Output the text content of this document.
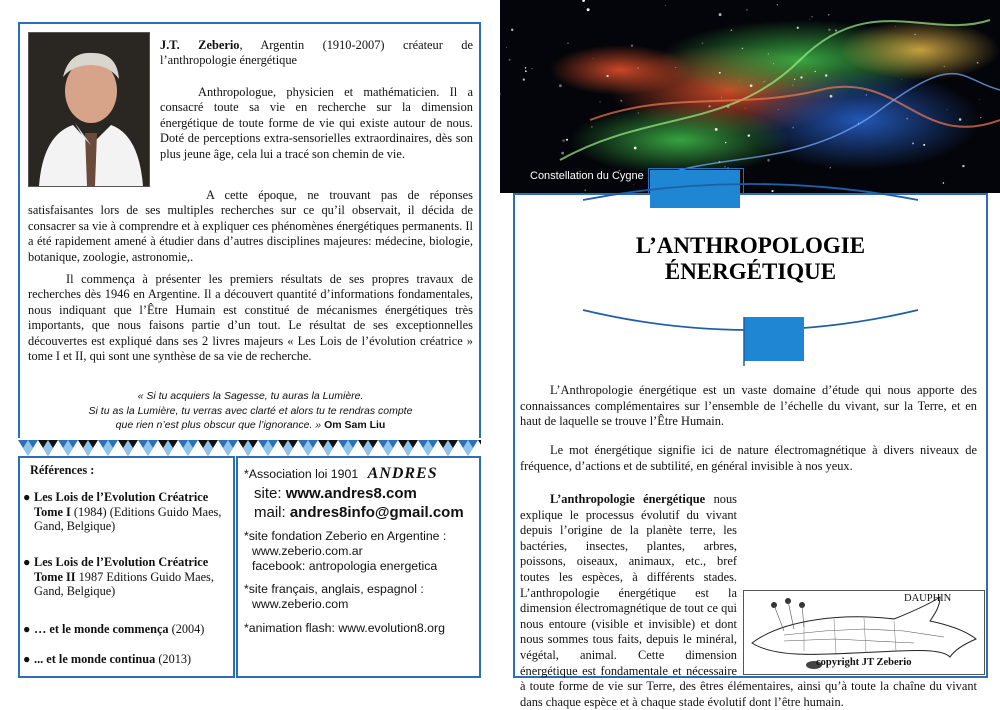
J.T. Zeberio, Argentin (1910-2007) créateur de l’anthropologie énergétique

Anthropologue, physicien et mathématicien. Il a consacré toute sa vie en recherche sur la dimension énergétique de toute forme de vie qui existe autour de nous. Doté de perceptions extra-sensorielles extraordinaires, dès son plus jeune âge, cela lui a tracé son chemin de vie.
A cette époque, ne trouvant pas de réponses satisfaisantes lors de ses multiples recherches sur ce qu’il observait, il décida de consacrer sa vie à comprendre et à expliquer ces phénomènes énergétiques permanents. Il a été rapidement amené à étudier dans d’autres disciplines majeures: médecine, biologie, botanique, zoologie, astronomie,.
Il commença à présenter les premiers résultats de ses propres travaux de recherches dès 1946 en Argentine. Il a découvert quantité d’informations fondamentales, nous indiquant que l’Être Humain est constitué de mécanismes énergétiques très importants, que nous faisons partie d’un tout. Le résultat de ses exceptionnelles découvertes est expliqué dans ses 2 livres majeurs « Les Lois de l’évolution créatrice » tome I et II, qui sont une synthèse de sa vie de recherche.
« Si tu acquiers la Sagesse, tu auras la Lumière.
Si tu as la Lumière, tu verras avec clarté et alors tu te rendras compte
que rien n’est plus obscur que l’ignorance. » Om Sam Liu
Références :
● Les Lois de l’Evolution Créatrice Tome I (1984) (Editions Guido Maes, Gand, Belgique)
● Les Lois de l’Evolution Créatrice Tome II 1987 Editions Guido Maes, Gand, Belgique)
● … et le monde commença (2004)
● ... et le monde continua (2013)
*Association loi 1901 ANDRES
site: www.andres8.com
mail: andres8info@gmail.com
*site fondation Zeberio en Argentine :
www.zeberio.com.ar
facebook: antropologia energetica
*site français, anglais, espagnol :
www.zeberio.com
*animation flash: www.evolution8.org
Constellation du Cygne
L’ANTHROPOLOGIE
ÉNERGÉTIQUE
L’Anthropologie énergétique est un vaste domaine d’étude qui nous apporte des connaissances complémentaires sur l’ensemble de l’échelle du vivant, sur la Terre, et en haut de laquelle se trouve l’Être Humain.
Le mot énergétique signifie ici de nature électromagnétique à divers niveaux de fréquence, d’actions et de subtilité, en général invisible à nos yeux.

L’anthropologie énergétique nous explique le processus évolutif du vivant depuis l’origine de la planète terre, les bactéries, insectes, plantes, arbres, poissons, oiseaux, animaux, etc., bref toutes les espèces, à différents stades. L’anthropologie énergétique est la dimension électromagnétique de tout ce qui nous entoure (visible et invisible) et dont nous sommes tous faits, depuis le minéral, végétal, animal. Cette dimension énergétique est fondamentale et nécessaire à toute forme de vie sur Terre, des êtres élémentaires, ainsi qu’à toute la chaîne du vivant dans chaque espèce et à chaque stade évolutif dont l’être humain.

DAUPHIN
copyright JT Zeberio
